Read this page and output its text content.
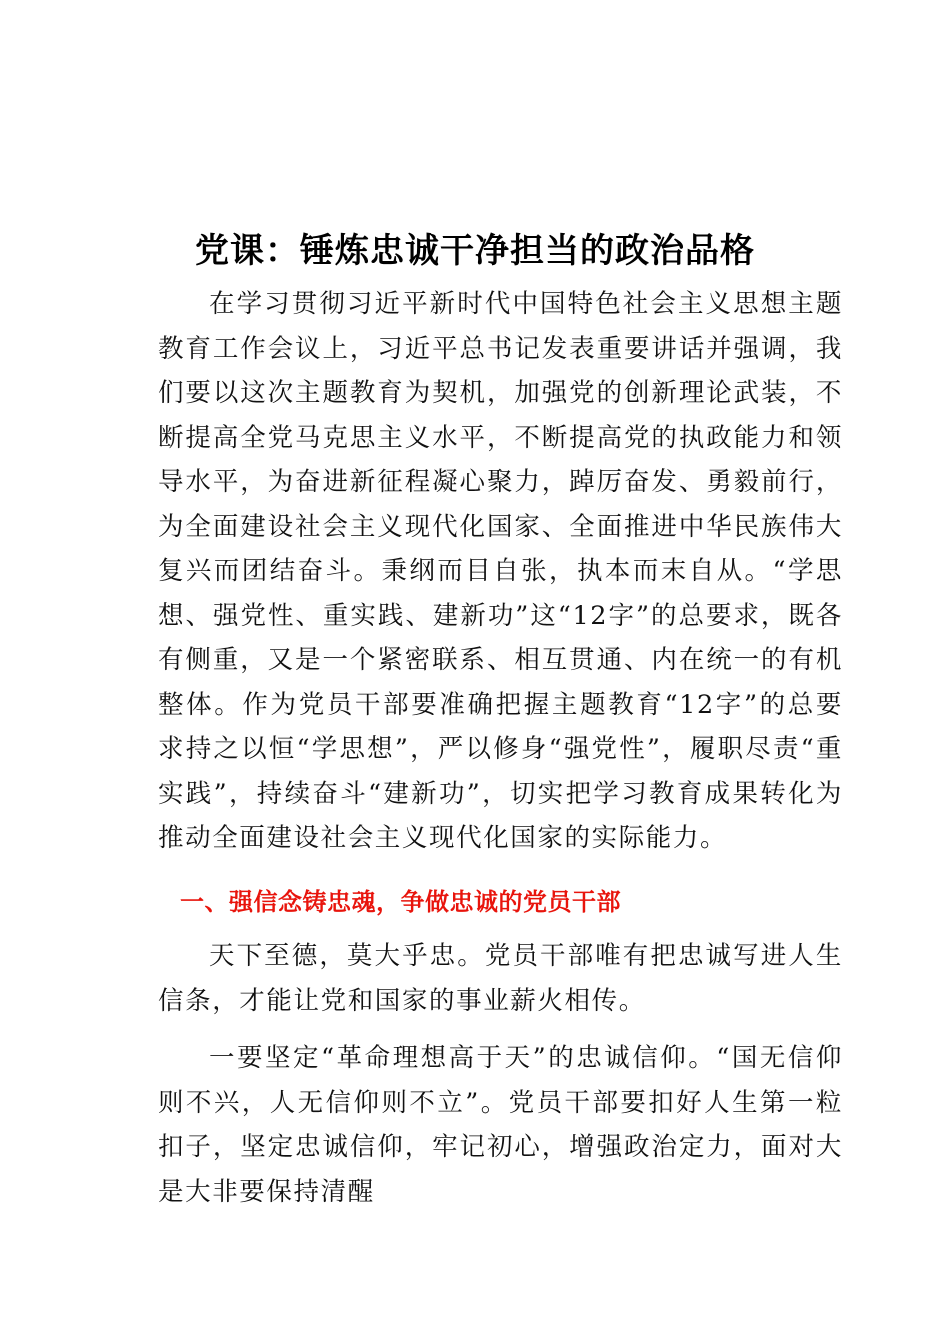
党课：锤炼忠诚干净担当的政治品格

在学习贯彻习近平新时代中国特色社会主义思想主题教育工作会议上，习近平总书记发表重要讲话并强调，我们要以这次主题教育为契机，加强党的创新理论武装，不断提高全党马克思主义水平，不断提高党的执政能力和领导水平，为奋进新征程凝心聚力，踔厉奋发、勇毅前行，为全面建设社会主义现代化国家、全面推进中华民族伟大复兴而团结奋斗。秉纲而目自张，执本而末自从。“学思想、强党性、重实践、建新功”这“12字”的总要求，既各有侧重，又是一个紧密联系、相互贯通、内在统一的有机整体。作为党员干部要准确把握主题教育“12字”的总要求持之以恒“学思想”，严以修身“强党性”，履职尽责“重实践”，持续奋斗“建新功”，切实把学习教育成果转化为推动全面建设社会主义现代化国家的实际能力。

一、强信念铸忠魂，争做忠诚的党员干部

天下至德，莫大乎忠。党员干部唯有把忠诚写进人生信条，才能让党和国家的事业薪火相传。

一要坚定“革命理想高于天”的忠诚信仰。“国无信仰则不兴，人无信仰则不立”。党员干部要扣好人生第一粒扣子，坚定忠诚信仰，牢记初心，增强政治定力，面对大是大非要保持清醒
